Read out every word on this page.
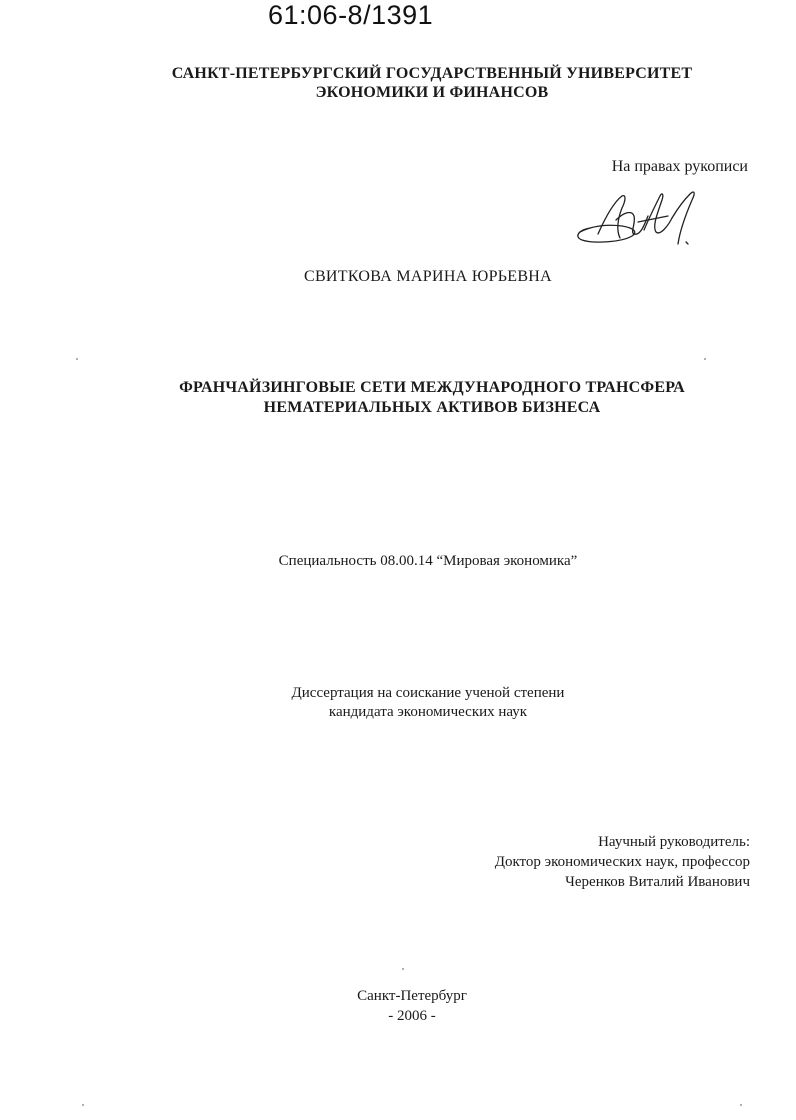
61:06-8/1391
САНКТ-ПЕТЕРБУРГСКИЙ ГОСУДАРСТВЕННЫЙ УНИВЕРСИТЕТ
ЭКОНОМИКИ И ФИНАНСОВ
На правах рукописи
СВИТКОВА МАРИНА ЮРЬЕВНА
ФРАНЧАЙЗИНГОВЫЕ СЕТИ МЕЖДУНАРОДНОГО ТРАНСФЕРА
НЕМАТЕРИАЛЬНЫХ АКТИВОВ БИЗНЕСА
Специальность 08.00.14 “Мировая экономика”
Диссертация на соискание ученой степени
кандидата экономических наук
Научный руководитель:
Доктор экономических наук, профессор
Черенков Виталий Иванович
Санкт-Петербург
- 2006 -
